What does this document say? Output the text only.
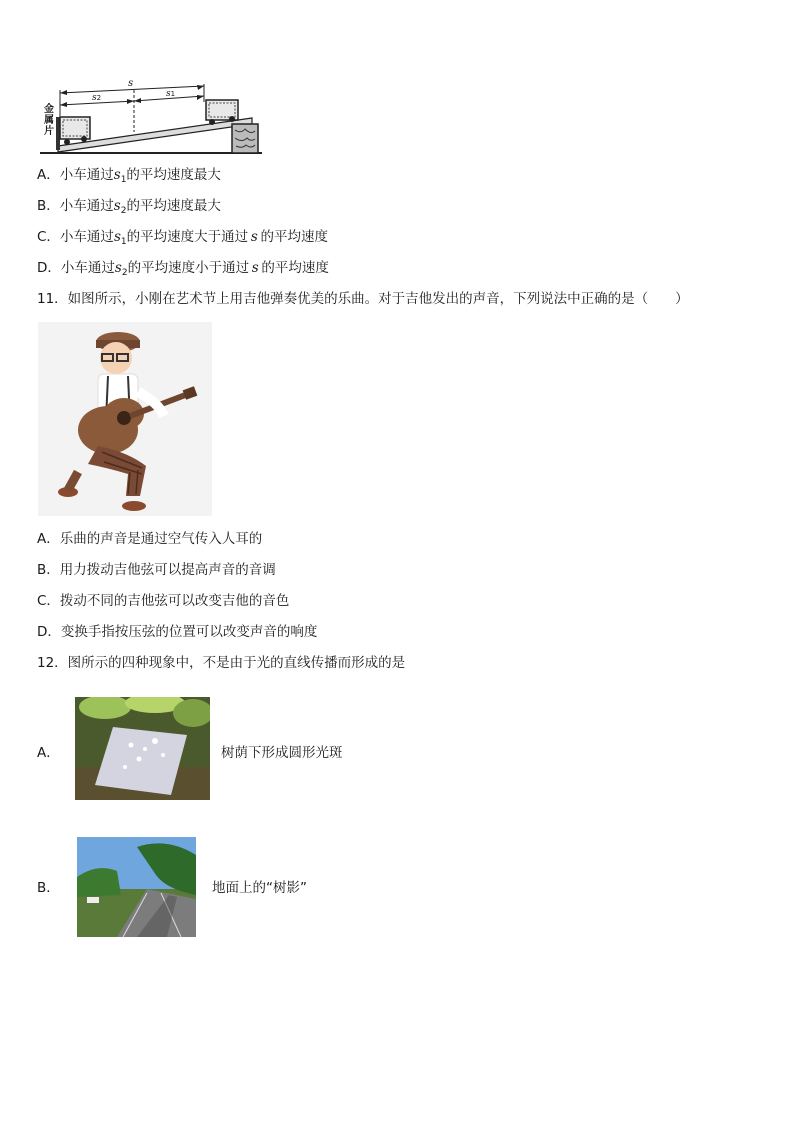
金
属
片
s
s2	s1
A．小车通过$s_1$的平均速度最大
B．小车通过$s_2$的平均速度最大
C．小车通过$s_1$的平均速度大于通过  s  的平均速度
D．小车通过$s_2$的平均速度小于通过  s  的平均速度
11．如图所示，小刚在艺术节上用吉他弹奏优美的乐曲。对于吉他发出的声音，下列说法中正确的是（　　）
A．乐曲的声音是通过空气传入人耳的
B．用力拨动吉他弦可以提高声音的音调
C．拨动不同的吉他弦可以改变吉他的音色
D．变换手指按压弦的位置可以改变声音的响度
12．图所示的四种现象中，不是由于光的直线传播而形成的是
A．	树荫下形成圆形光斑
B．	地面上的“树影”
